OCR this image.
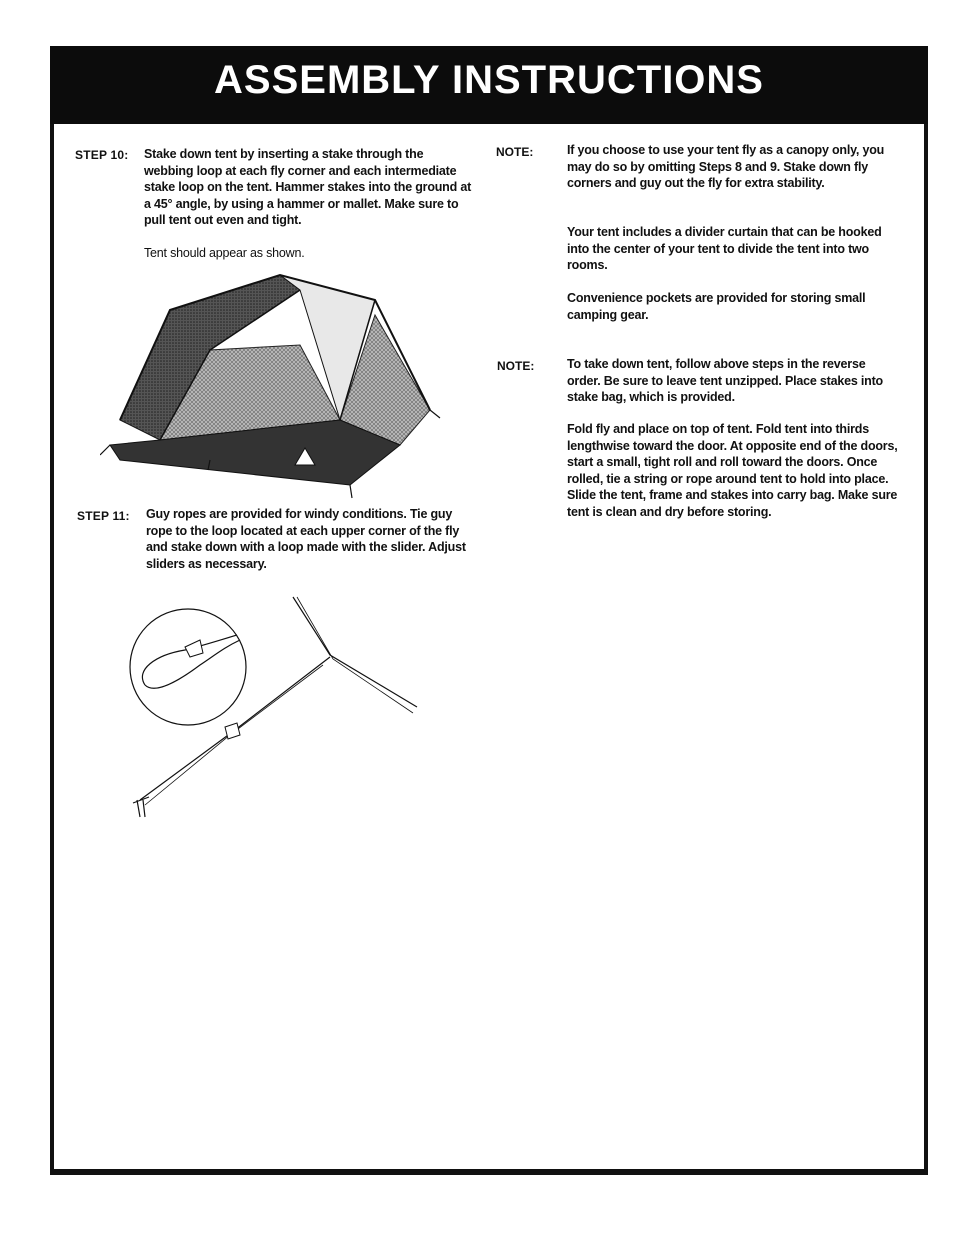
ASSEMBLY INSTRUCTIONS
STEP 10: Stake down tent by inserting a stake through the webbing loop at each fly corner and each intermediate stake loop on the tent. Hammer stakes into the ground at a 45° angle, by using a hammer or mallet. Make sure to pull tent out even and tight.
Tent should appear as shown.
STEP 11: Guy ropes are provided for windy conditions. Tie guy rope to the loop located at each upper corner of the fly and stake down with a loop made with the slider. Adjust sliders as necessary.
NOTE:	If you choose to use your tent fly as a canopy only, you may do so by omitting Steps 8 and 9. Stake down fly corners and guy out the fly for extra stability.
Your tent includes a divider curtain that can be hooked into the center of your tent to divide the tent into two rooms.
Convenience pockets are provided for storing small camping gear.
NOTE:	To take down tent, follow above steps in the reverse order. Be sure to leave tent unzipped. Place stakes into stake bag, which is provided.
Fold fly and place on top of tent. Fold tent into thirds lengthwise toward the door. At opposite end of the doors, start a small, tight roll and roll toward the doors. Once rolled, tie a string or rope around tent to hold into place. Slide the tent, frame and stakes into carry bag. Make sure tent is clean and dry before storing.
